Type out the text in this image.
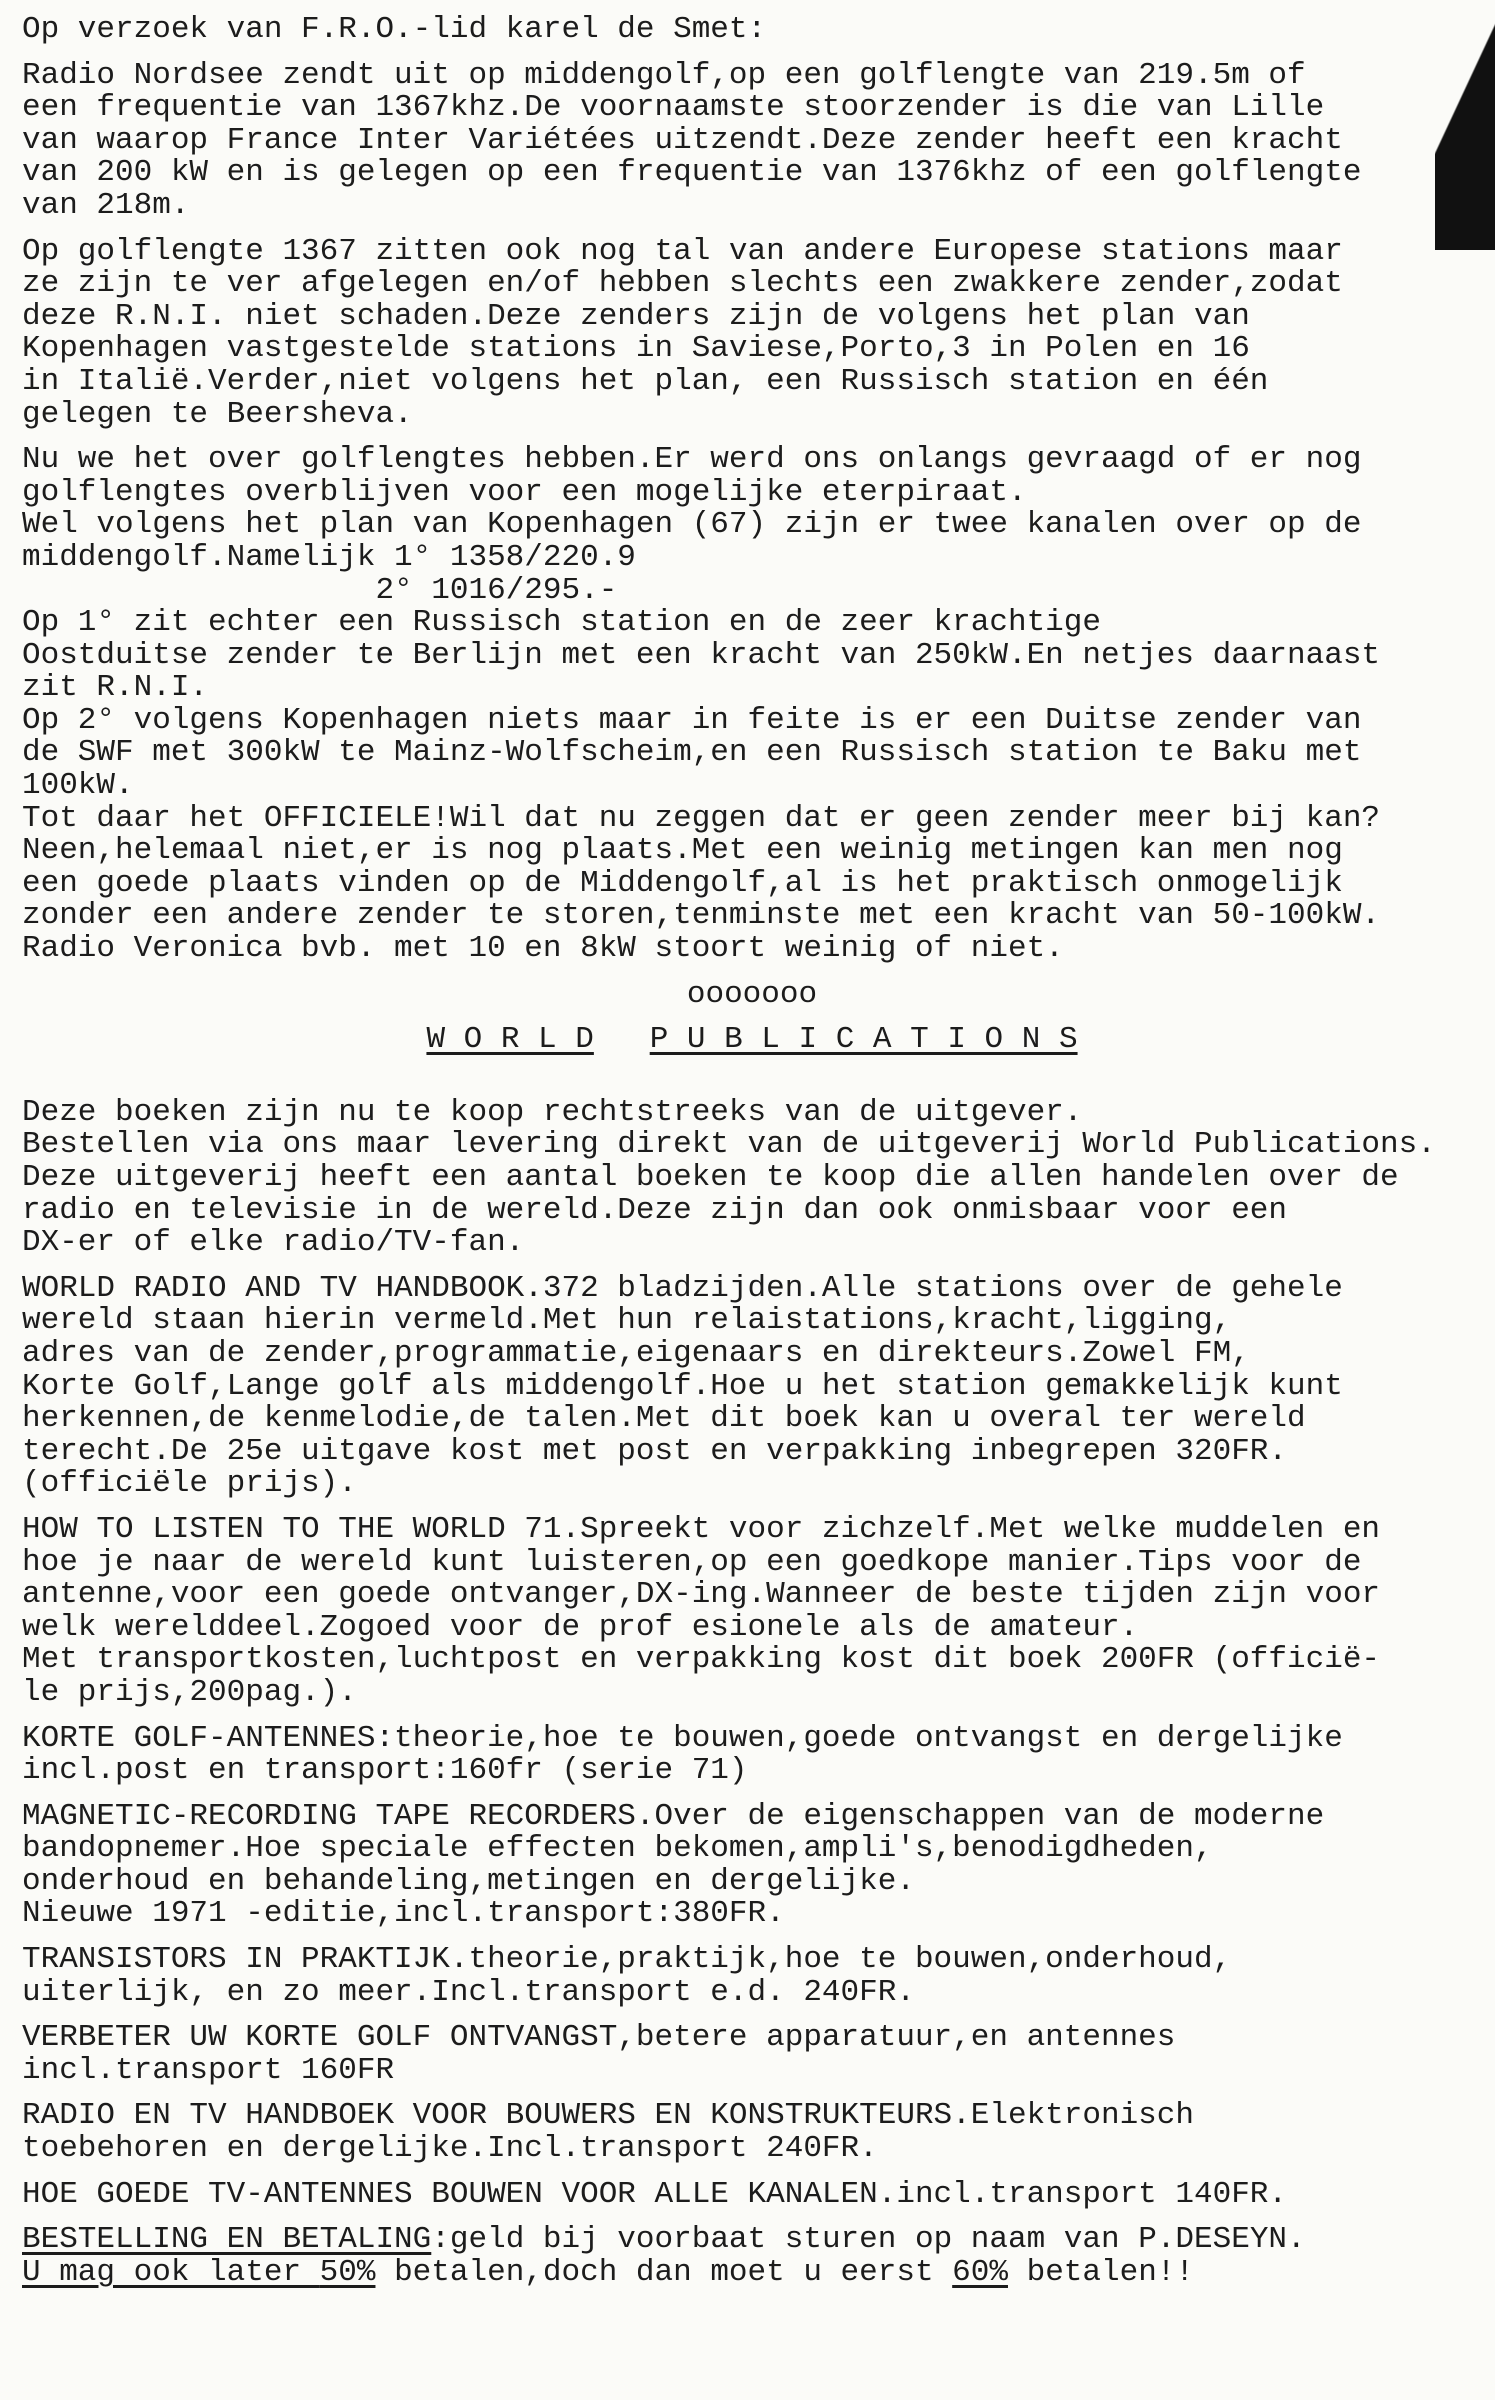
Op verzoek van F.R.O.-lid karel de Smet:
Radio Nordsee zendt uit op middengolf,op een golflengte van 219.5m of
een frequentie van 1367khz.De voornaamste stoorzender is die van Lille
van waarop France Inter Variétées uitzendt.Deze zender heeft een kracht
van 200 kW en is gelegen op een frequentie van 1376khz of een golflengte
van 218m.
Op golflengte 1367 zitten ook nog tal van andere Europese stations maar
ze zijn te ver afgelegen en/of hebben slechts een zwakkere zender,zodat
deze R.N.I. niet schaden.Deze zenders zijn de volgens het plan van
Kopenhagen vastgestelde stations in Saviese,Porto,3 in Polen en 16
in Italië.Verder,niet volgens het plan, een Russisch station en één
gelegen te Beersheva.
Nu we het over golflengtes hebben.Er werd ons onlangs gevraagd of er nog
golflengtes overblijven voor een mogelijke eterpiraat.
Wel volgens het plan van Kopenhagen (67) zijn er twee kanalen over op de
middengolf.Namelijk 1° 1358/220.9
2° 1016/295.-
Op 1° zit echter een Russisch station en de zeer krachtige
Oostduitse zender te Berlijn met een kracht van 250kW.En netjes daarnaast
zit R.N.I.
Op 2° volgens Kopenhagen niets maar in feite is er een Duitse zender van
de SWF met 300kW te Mainz-Wolfscheim,en een Russisch station te Baku met
100kW.
Tot daar het OFFICIELE!Wil dat nu zeggen dat er geen zender meer bij kan?
Neen,helemaal niet,er is nog plaats.Met een weinig metingen kan men nog
een goede plaats vinden op de Middengolf,al is het praktisch onmogelijk
zonder een andere zender te storen,tenminste met een kracht van 50-100kW.
Radio Veronica bvb. met 10 en 8kW stoort weinig of niet.
ooooooo
W O R L D P U B L I C A T I O N S
Deze boeken zijn nu te koop rechtstreeks van de uitgever.
Bestellen via ons maar levering direkt van de uitgeverij World Publications.
Deze uitgeverij heeft een aantal boeken te koop die allen handelen over de
radio en televisie in de wereld.Deze zijn dan ook onmisbaar voor een
DX-er of elke radio/TV-fan.
WORLD RADIO AND TV HANDBOOK.372 bladzijden.Alle stations over de gehele
wereld staan hierin vermeld.Met hun relaistations,kracht,ligging,
adres van de zender,programmatie,eigenaars en direkteurs.Zowel FM,
Korte Golf,Lange golf als middengolf.Hoe u het station gemakkelijk kunt
herkennen,de kenmelodie,de talen.Met dit boek kan u overal ter wereld
terecht.De 25e uitgave kost met post en verpakking inbegrepen 320FR.
(officiële prijs).
HOW TO LISTEN TO THE WORLD 71.Spreekt voor zichzelf.Met welke muddelen en
hoe je naar de wereld kunt luisteren,op een goedkope manier.Tips voor de
antenne,voor een goede ontvanger,DX-ing.Wanneer de beste tijden zijn voor
welk werelddeel.Zogoed voor de prof esionele als de amateur.
Met transportkosten,luchtpost en verpakking kost dit boek 200FR (officië-
le prijs,200pag.).
KORTE GOLF-ANTENNES:theorie,hoe te bouwen,goede ontvangst en dergelijke
incl.post en transport:160fr (serie 71)
MAGNETIC-RECORDING TAPE RECORDERS.Over de eigenschappen van de moderne
bandopnemer.Hoe speciale effecten bekomen,ampli's,benodigdheden,
onderhoud en behandeling,metingen en dergelijke.
Nieuwe 1971 -editie,incl.transport:380FR.
TRANSISTORS IN PRAKTIJK.theorie,praktijk,hoe te bouwen,onderhoud,
uiterlijk, en zo meer.Incl.transport e.d. 240FR.
VERBETER UW KORTE GOLF ONTVANGST,betere apparatuur,en antennes
incl.transport 160FR
RADIO EN TV HANDBOEK VOOR BOUWERS EN KONSTRUKTEURS.Elektronisch
toebehoren en dergelijke.Incl.transport 240FR.
HOE GOEDE TV-ANTENNES BOUWEN VOOR ALLE KANALEN.incl.transport 140FR.
BESTELLING EN BETALING:geld bij voorbaat sturen op naam van P.DESEYN.
U mag ook later 50% betalen,doch dan moet u eerst 60% betalen!!
